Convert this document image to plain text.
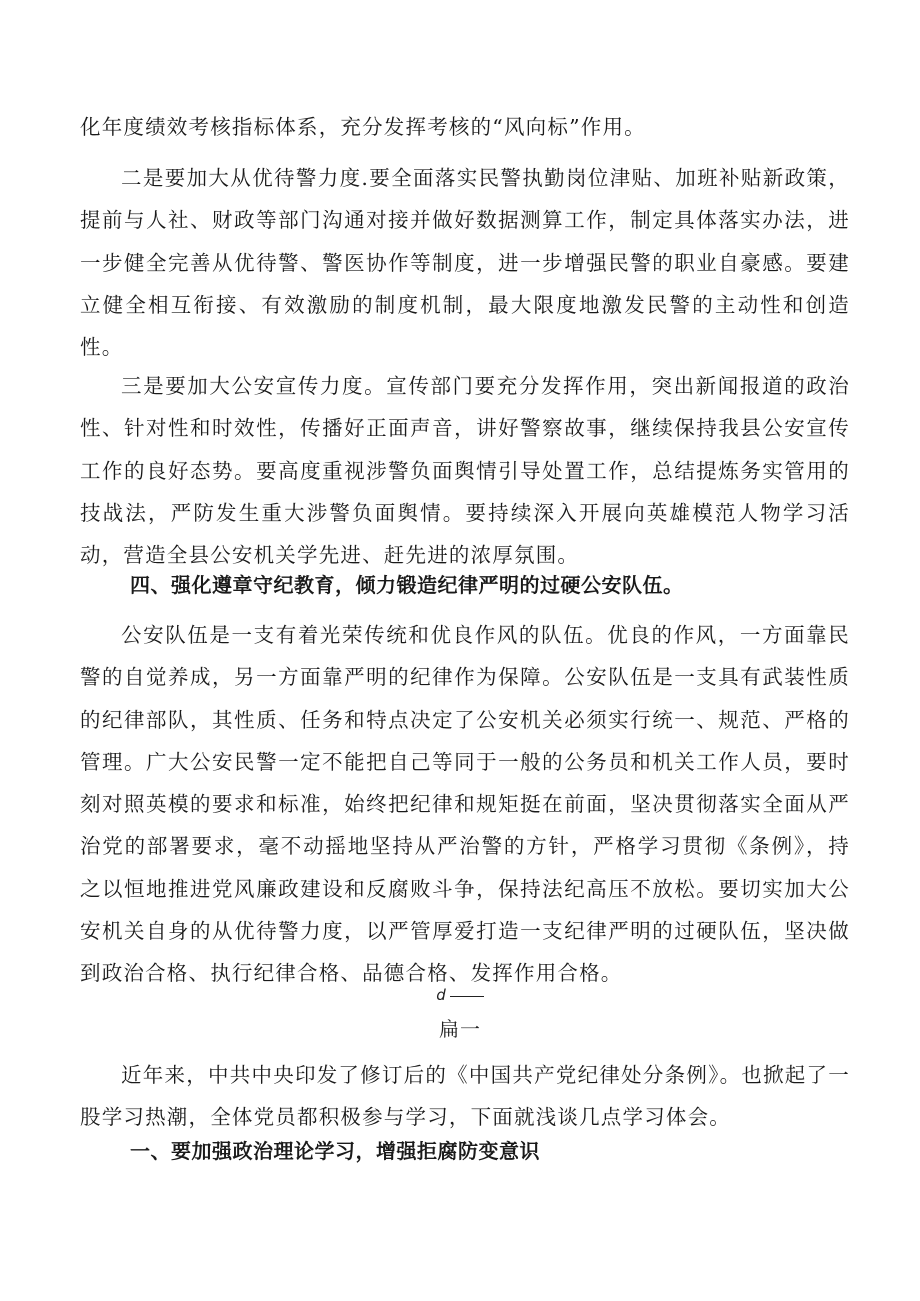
化年度绩效考核指标体系，充分发挥考核的“风向标”作用。

二是要加大从优待警力度.要全面落实民警执勤岗位津贴、加班补贴新政策，提前与人社、财政等部门沟通对接并做好数据测算工作，制定具体落实办法，进一步健全完善从优待警、警医协作等制度，进一步增强民警的职业自豪感。要建立健全相互衔接、有效激励的制度机制，最大限度地激发民警的主动性和创造性。

三是要加大公安宣传力度。宣传部门要充分发挥作用，突出新闻报道的政治性、针对性和时效性，传播好正面声音，讲好警察故事，继续保持我县公安宣传工作的良好态势。要高度重视涉警负面舆情引导处置工作，总结提炼务实管用的技战法，严防发生重大涉警负面舆情。要持续深入开展向英雄模范人物学习活动，营造全县公安机关学先进、赶先进的浓厚氛围。

四、强化遵章守纪教育，倾力锻造纪律严明的过硬公安队伍。

公安队伍是一支有着光荣传统和优良作风的队伍。优良的作风，一方面靠民警的自觉养成，另一方面靠严明的纪律作为保障。公安队伍是一支具有武装性质的纪律部队，其性质、任务和特点决定了公安机关必须实行统一、规范、严格的管理。广大公安民警一定不能把自己等同于一般的公务员和机关工作人员，要时刻对照英模的要求和标准，始终把纪律和规矩挺在前面，坚决贯彻落实全面从严治党的部署要求，毫不动摇地坚持从严治警的方针，严格学习贯彻《条例》，持之以恒地推进党风廉政建设和反腐败斗争，保持法纪高压不放松。要切实加大公安机关自身的从优待警力度，以严管厚爱打造一支纪律严明的过硬队伍，坚决做到政治合格、执行纪律合格、品德合格、发挥作用合格。

d

扁一

近年来，中共中央印发了修订后的《中国共产党纪律处分条例》。也掀起了一股学习热潮，全体党员都积极参与学习，下面就浅谈几点学习体会。

一、要加强政治理论学习，增强拒腐防变意识
